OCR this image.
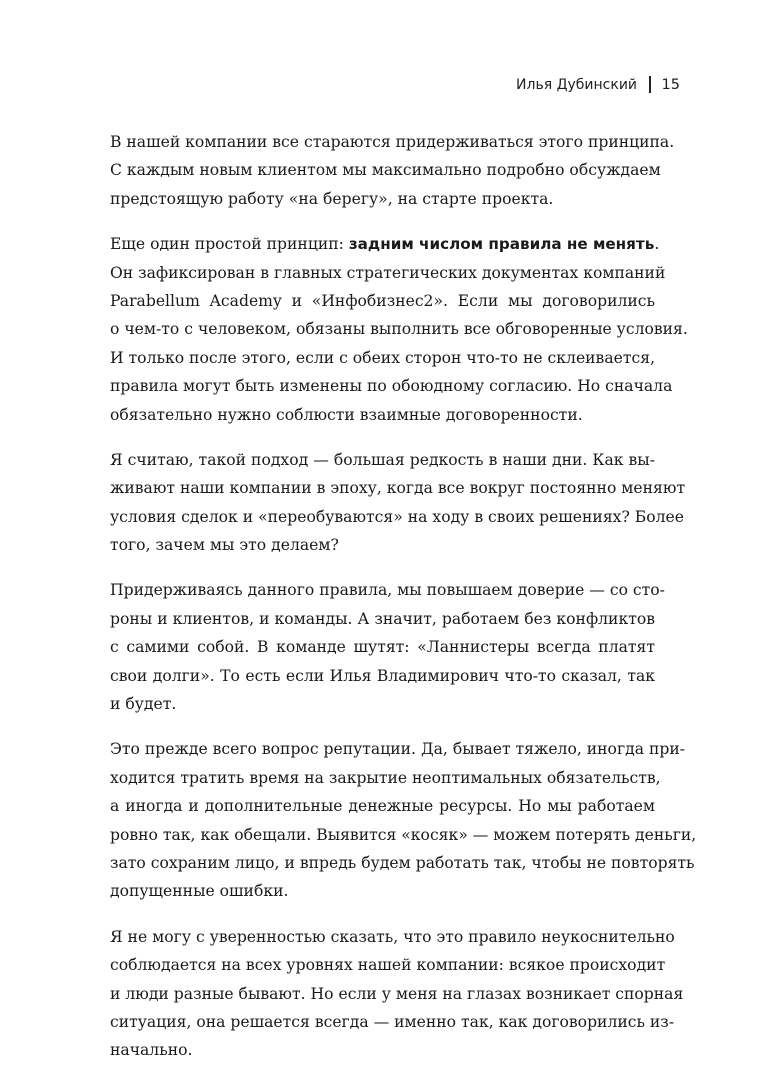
Илья Дубинский 15

В нашей компании все стараются придерживаться этого принципа.
С каждым новым клиентом мы максимально подробно обсуждаем
предстоящую работу «на берегу», на старте проекта.

Еще один простой принцип: задним числом правила не менять.
Он зафиксирован в главных стратегических документах компаний
Parabellum Academy и «Инфобизнес2». Если мы договорились
о чем-то с человеком, обязаны выполнить все обговоренные условия.
И только после этого, если с обеих сторон что-то не склеивается,
правила могут быть изменены по обоюдному согласию. Но сначала
обязательно нужно соблюсти взаимные договоренности.

Я считаю, такой подход — большая редкость в наши дни. Как вы-
живают наши компании в эпоху, когда все вокруг постоянно меняют
условия сделок и «переобуваются» на ходу в своих решениях? Более
того, зачем мы это делаем?

Придерживаясь данного правила, мы повышаем доверие — со сто-
роны и клиентов, и команды. А значит, работаем без конфликтов
с самими собой. В команде шутят: «Ланнистеры всегда платят
свои долги». То есть если Илья Владимирович что-то сказал, так
и будет.

Это прежде всего вопрос репутации. Да, бывает тяжело, иногда при-
ходится тратить время на закрытие неоптимальных обязательств,
а иногда и дополнительные денежные ресурсы. Но мы работаем
ровно так, как обещали. Выявится «косяк» — можем потерять деньги,
зато сохраним лицо, и впредь будем работать так, чтобы не повторять
допущенные ошибки.

Я не могу с уверенностью сказать, что это правило неукоснительно
соблюдается на всех уровнях нашей компании: всякое происходит
и люди разные бывают. Но если у меня на глазах возникает спорная
ситуация, она решается всегда — именно так, как договорились из-
начально.
